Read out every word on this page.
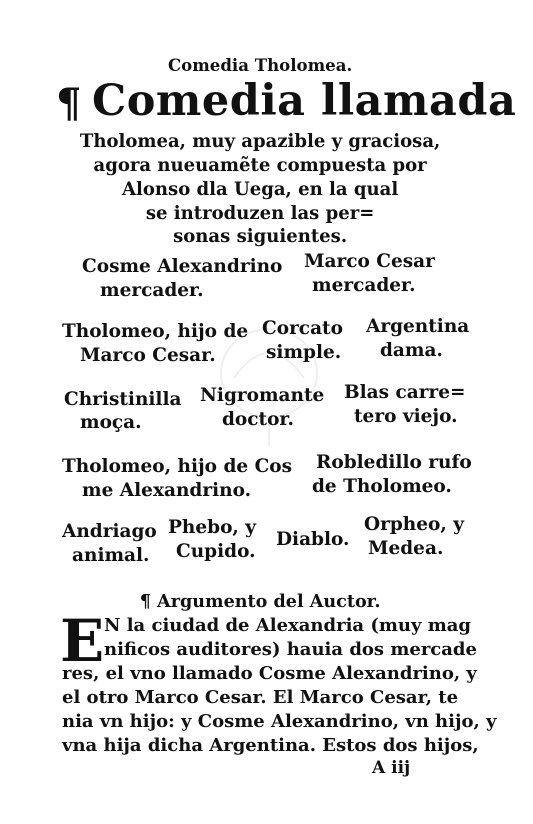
Comedia Tholomea.
¶ Comedia llamada
Tholomea, muy apazible y graciosa,
agora nueuamẽte compuesta por
Alonso dla Uega, en la qual
se introduzen las per=
sonas siguientes.
Cosme Alexandrino
mercader.
Marco Cesar
mercader.
Tholomeo, hijo de
Marco Cesar.
Corcato
simple.
Argentina
dama.
Christinilla
moça.
Nigromante
doctor.
Blas carre=
tero viejo.
Tholomeo, hijo de Cos
me Alexandrino.
Robledillo rufo
de Tholomeo.
Andriago
animal.
Phebo, y
Cupido.
Diablo.
Orpheo, y
Medea.
¶ Argumento del Auctor.
E N la ciudad de Alexandria (muy mag
nificos auditores) hauia dos mercade
res, el vno llamado Cosme Alexandrino, y
el otro Marco Cesar. El Marco Cesar, te
nia vn hijo: y Cosme Alexandrino, vn hijo, y
vna hija dicha Argentina. Estos dos hijos,
A iij
